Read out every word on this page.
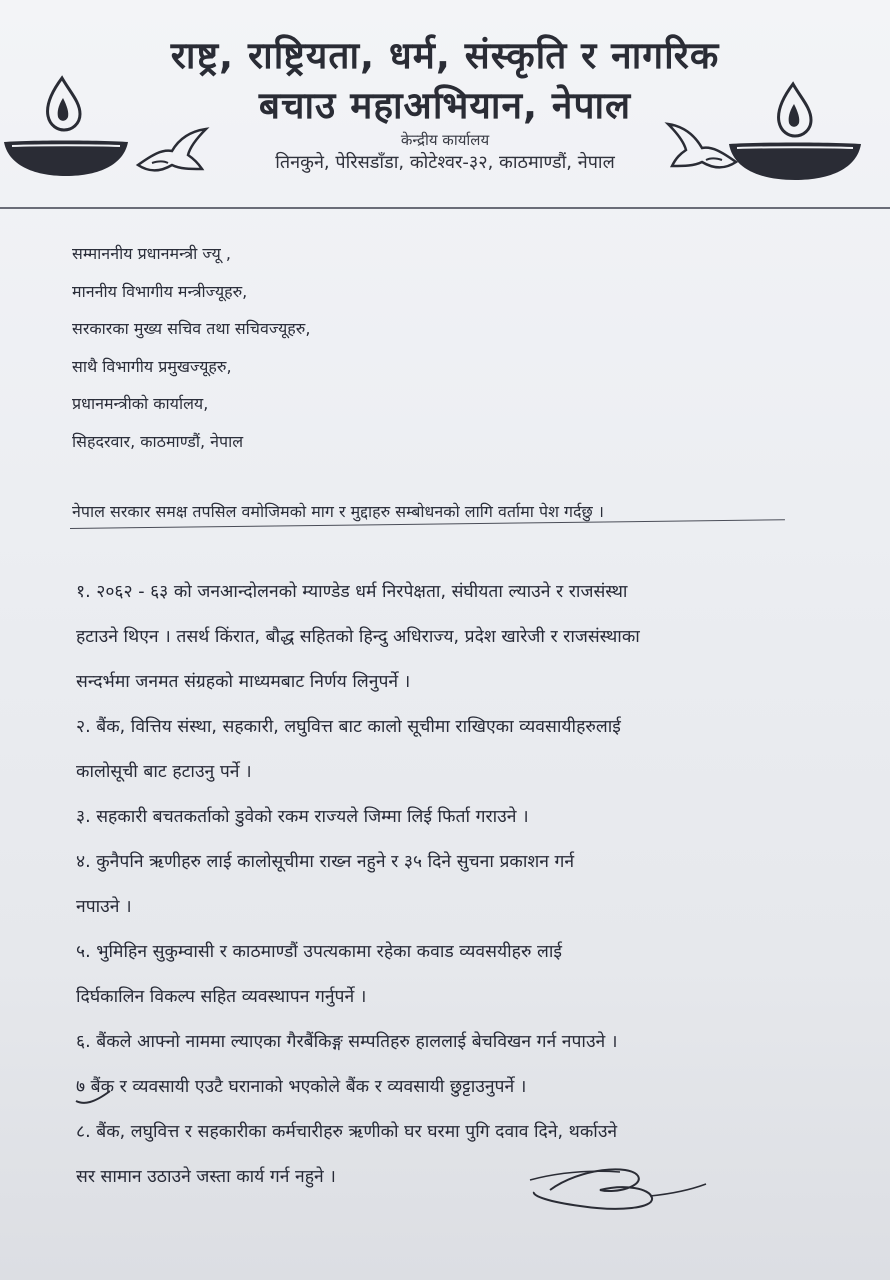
राष्ट्र, राष्ट्रियता, धर्म, संस्कृति र नागरिक
बचाउ महाअभियान, नेपाल
केन्द्रीय कार्यालय
तिनकुने, पेरिसडाँडा, कोटेश्वर-३२, काठमाण्डौं, नेपाल
सम्माननीय प्रधानमन्त्री ज्यू ,
माननीय विभागीय मन्त्रीज्यूहरु,
सरकारका मुख्य सचिव तथा सचिवज्यूहरु,
साथै विभागीय प्रमुखज्यूहरु,
प्रधानमन्त्रीको कार्यालय,
सिहदरवार, काठमाण्डौं, नेपाल
नेपाल सरकार समक्ष तपसिल वमोजिमको माग र मुद्दाहरु सम्बोधनको लागि वर्तामा पेश गर्दछु ।
१. २०६२ - ६३ को जनआन्दोलनको म्याण्डेड धर्म निरपेक्षता, संघीयता ल्याउने र राजसंस्था
हटाउने थिएन । तसर्थ किंरात, बौद्ध सहितको हिन्दु अधिराज्य, प्रदेश खारेजी र राजसंस्थाका
सन्दर्भमा जनमत संग्रहको माध्यमबाट निर्णय लिनुपर्ने ।
२. बैंक, वित्तिय संस्था, सहकारी, लघुवित्त बाट कालो सूचीमा राखिएका व्यवसायीहरुलाई
कालोसूची बाट हटाउनु पर्ने ।
३. सहकारी बचतकर्ताको डुवेको रकम राज्यले जिम्मा लिई फिर्ता गराउने ।
४. कुनैपनि ऋणीहरु लाई कालोसूचीमा राख्न नहुने र ३५ दिने सुचना प्रकाशन गर्न
नपाउने ।
५. भुमिहिन सुकुम्वासी र काठमाण्डौं उपत्यकामा रहेका कवाड व्यवसयीहरु लाई
दिर्घकालिन विकल्प सहित व्यवस्थापन गर्नुपर्ने ।
६. बैंकले आफ्नो नाममा ल्याएका गैरबैंकिङ्ग सम्पतिहरु हाललाई बेचविखन गर्न नपाउने ।
७ बैंक र व्यवसायी एउटै घरानाको भएकोले बैंक र व्यवसायी छुट्टाउनुपर्ने ।
८. बैंक, लघुवित्त र सहकारीका कर्मचारीहरु ऋणीको घर घरमा पुगि दवाव दिने, थर्काउने
सर सामान उठाउने जस्ता कार्य गर्न नहुने ।
